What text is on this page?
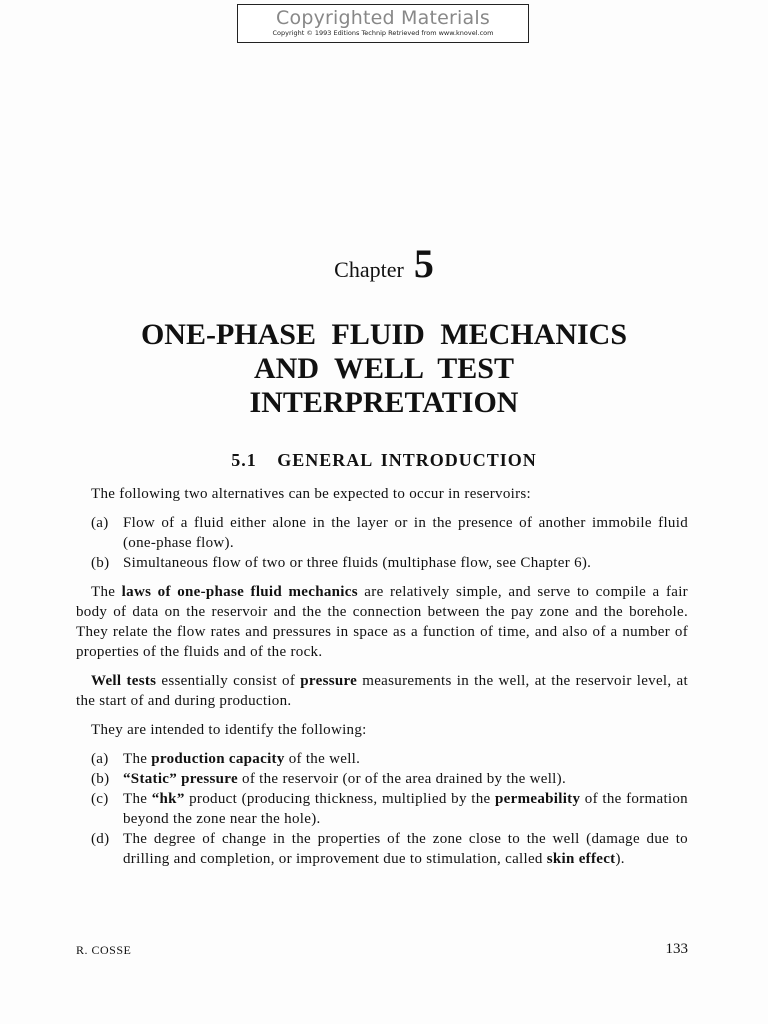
Copyrighted Materials
Copyright © 1993 Editions Technip Retrieved from www.knovel.com
Chapter 5
ONE-PHASE FLUID MECHANICS
AND WELL TEST
INTERPRETATION
5.1 GENERAL INTRODUCTION

The following two alternatives can be expected to occur in reservoirs:

(a) Flow of a fluid either alone in the layer or in the presence of another immobile fluid (one-phase flow).
(b) Simultaneous flow of two or three fluids (multiphase flow, see Chapter 6).

The laws of one-phase fluid mechanics are relatively simple, and serve to compile a fair body of data on the reservoir and the the connection between the pay zone and the borehole. They relate the flow rates and pressures in space as a function of time, and also of a number of properties of the fluids and of the rock.

Well tests essentially consist of pressure measurements in the well, at the reservoir level, at the start of and during production.

They are intended to identify the following:

(a) The production capacity of the well.
(b) “Static” pressure of the reservoir (or of the area drained by the well).
(c) The “hk” product (producing thickness, multiplied by the permeability of the formation beyond the zone near the hole).
(d) The degree of change in the properties of the zone close to the well (damage due to drilling and completion, or improvement due to stimulation, called skin effect).
R. COSSE	133
